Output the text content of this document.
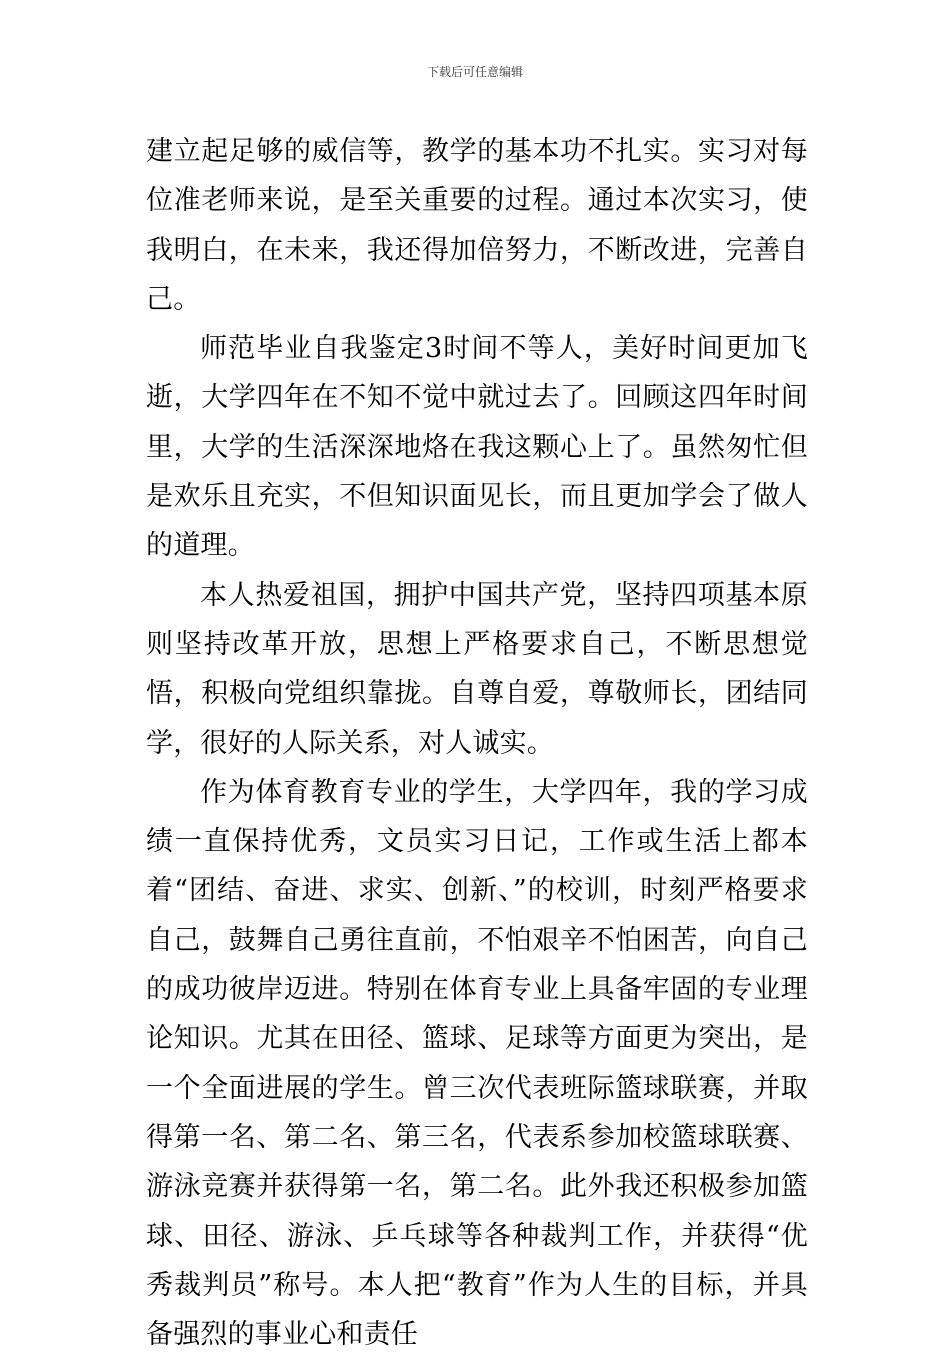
下载后可任意编辑

建立起足够的威信等，教学的基本功不扎实。实习对每位准老师来说，是至关重要的过程。通过本次实习，使我明白，在未来，我还得加倍努力，不断改进，完善自己。

师范毕业自我鉴定3时间不等人，美好时间更加飞逝，大学四年在不知不觉中就过去了。回顾这四年时间里，大学的生活深深地烙在我这颗心上了。虽然匆忙但是欢乐且充实，不但知识面见长，而且更加学会了做人的道理。

本人热爱祖国，拥护中国共产党，坚持四项基本原则坚持改革开放，思想上严格要求自己，不断思想觉悟，积极向党组织靠拢。自尊自爱，尊敬师长，团结同学，很好的人际关系，对人诚实。

作为体育教育专业的学生，大学四年，我的学习成绩一直保持优秀，文员实习日记，工作或生活上都本着“团结、奋进、求实、创新、”的校训，时刻严格要求自己，鼓舞自己勇往直前，不怕艰辛不怕困苦，向自己的成功彼岸迈进。特别在体育专业上具备牢固的专业理论知识。尤其在田径、篮球、足球等方面更为突出，是一个全面进展的学生。曾三次代表班际篮球联赛，并取得第一名、第二名、第三名，代表系参加校篮球联赛、游泳竞赛并获得第一名，第二名。此外我还积极参加篮球、田径、游泳、乒乓球等各种裁判工作，并获得“优秀裁判员”称号。本人把“教育”作为人生的目标，并具备强烈的事业心和责任
